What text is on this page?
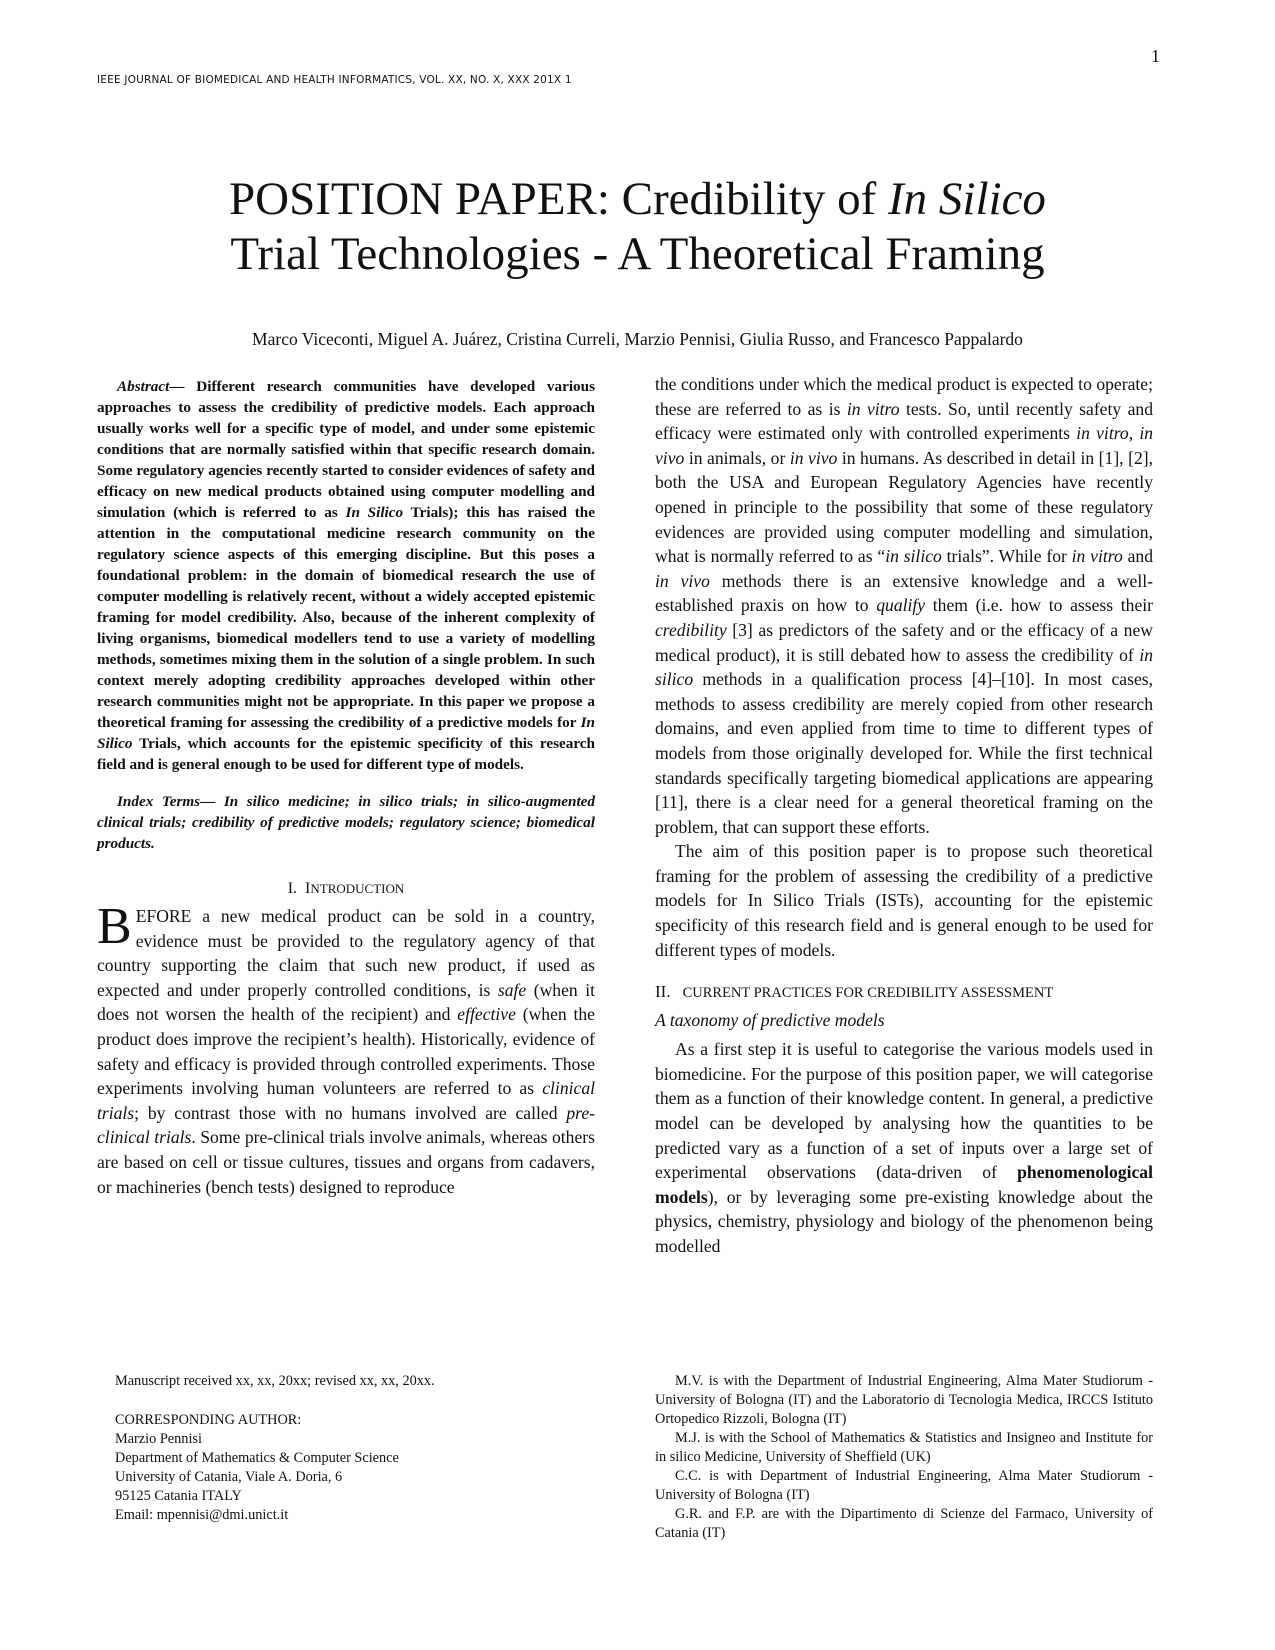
1
IEEE JOURNAL OF BIOMEDICAL AND HEALTH INFORMATICS, VOL. XX, NO. X, XXX 201X 1
POSITION PAPER: Credibility of In Silico
Trial Technologies - A Theoretical Framing
Marco Viceconti, Miguel A. Juárez, Cristina Curreli, Marzio Pennisi, Giulia Russo, and Francesco Pappalardo

Abstract— Different research communities have developed various approaches to assess the credibility of predictive models. Each approach usually works well for a specific type of model, and under some epistemic conditions that are normally satisfied within that specific research domain. Some regulatory agencies recently started to consider evidences of safety and efficacy on new medical products obtained using computer modelling and simulation (which is referred to as In Silico Trials); this has raised the attention in the computational medicine research community on the regulatory science aspects of this emerging discipline. But this poses a foundational problem: in the domain of biomedical research the use of computer modelling is relatively recent, without a widely accepted epistemic framing for model credibility. Also, because of the inherent complexity of living organisms, biomedical modellers tend to use a variety of modelling methods, sometimes mixing them in the solution of a single problem. In such context merely adopting credibility approaches developed within other research communities might not be appropriate. In this paper we propose a theoretical framing for assessing the credibility of a predictive models for In Silico Trials, which accounts for the epistemic specificity of this research field and is general enough to be used for different type of models.

Index Terms— In silico medicine; in silico trials; in silico-augmented clinical trials; credibility of predictive models; regulatory science; biomedical products.

I. INTRODUCTION

BEFORE a new medical product can be sold in a country, evidence must be provided to the regulatory agency of that country supporting the claim that such new product, if used as expected and under properly controlled conditions, is safe (when it does not worsen the health of the recipient) and effective (when the product does improve the recipient’s health). Historically, evidence of safety and efficacy is provided through controlled experiments. Those experiments involving human volunteers are referred to as clinical trials; by contrast those with no humans involved are called pre-clinical trials. Some pre-clinical trials involve animals, whereas others are based on cell or tissue cultures, tissues and organs from cadavers, or machineries (bench tests) designed to reproduce

the conditions under which the medical product is expected to operate; these are referred to as is in vitro tests. So, until recently safety and efficacy were estimated only with controlled experiments in vitro, in vivo in animals, or in vivo in humans. As described in detail in [1], [2], both the USA and European Regulatory Agencies have recently opened in principle to the possibility that some of these regulatory evidences are provided using computer modelling and simulation, what is normally referred to as “in silico trials”. While for in vitro and in vivo methods there is an extensive knowledge and a well-established praxis on how to qualify them (i.e. how to assess their credibility [3] as predictors of the safety and or the efficacy of a new medical product), it is still debated how to assess the credibility of in silico methods in a qualification process [4]–[10]. In most cases, methods to assess credibility are merely copied from other research domains, and even applied from time to time to different types of models from those originally developed for. While the first technical standards specifically targeting biomedical applications are appearing [11], there is a clear need for a general theoretical framing on the problem, that can support these efforts.

The aim of this position paper is to propose such theoretical framing for the problem of assessing the credibility of a predictive models for In Silico Trials (ISTs), accounting for the epistemic specificity of this research field and is general enough to be used for different types of models.

II. CURRENT PRACTICES FOR CREDIBILITY ASSESSMENT
A taxonomy of predictive models

As a first step it is useful to categorise the various models used in biomedicine. For the purpose of this position paper, we will categorise them as a function of their knowledge content. In general, a predictive model can be developed by analysing how the quantities to be predicted vary as a function of a set of inputs over a large set of experimental observations (data-driven of phenomenological models), or by leveraging some pre-existing knowledge about the physics, chemistry, physiology and biology of the phenomenon being modelled

Manuscript received xx, xx, 20xx; revised xx, xx, 20xx.

CORRESPONDING AUTHOR:

Marzio Pennisi

Department of Mathematics & Computer Science

University of Catania, Viale A. Doria, 6

95125 Catania ITALY

Email: mpennisi@dmi.unict.it

M.V. is with the Department of Industrial Engineering, Alma Mater Studiorum - University of Bologna (IT) and the Laboratorio di Tecnologia Medica, IRCCS Istituto Ortopedico Rizzoli, Bologna (IT)

M.J. is with the School of Mathematics & Statistics and Insigneo and Institute for in silico Medicine, University of Sheffield (UK)

C.C. is with Department of Industrial Engineering, Alma Mater Studiorum - University of Bologna (IT)

G.R. and F.P. are with the Dipartimento di Scienze del Farmaco, University of Catania (IT)
